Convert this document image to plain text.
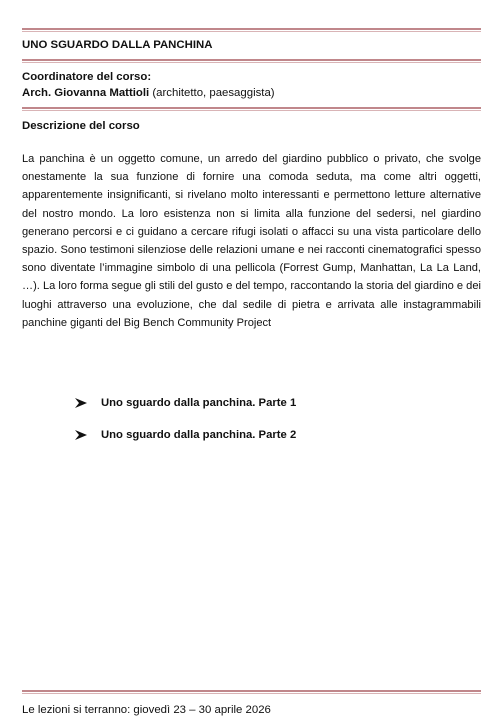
UNO SGUARDO DALLA PANCHINA
Coordinatore del corso:
Arch. Giovanna Mattioli (architetto, paesaggista)
Descrizione del corso
La panchina è un oggetto comune, un arredo del giardino pubblico o privato, che svolge onestamente la sua funzione di fornire una comoda seduta, ma come altri oggetti, apparentemente insignificanti, si rivelano molto interessanti e permettono letture alternative del nostro mondo. La loro esistenza non si limita alla funzione del sedersi, nel giardino generano percorsi e ci guidano a cercare rifugi isolati o affacci su una vista particolare dello spazio. Sono testimoni silenziose delle relazioni umane e nei racconti cinematografici spesso sono diventate l’immagine simbolo di una pellicola (Forrest Gump, Manhattan, La La Land, …). La loro forma segue gli stili del gusto e del tempo, raccontando la storia del giardino e dei luoghi attraverso una evoluzione, che dal sedile di pietra e arrivata alle instagrammabili panchine giganti del Big Bench Community Project
Uno sguardo dalla panchina. Parte 1
Uno sguardo dalla panchina. Parte 2
Le lezioni si terranno: giovedì 23 – 30 aprile 2026
